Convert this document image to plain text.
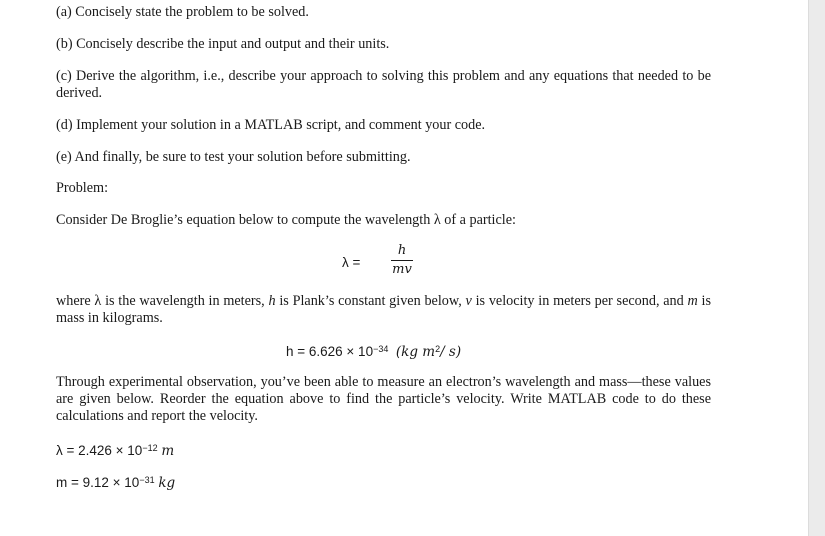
(a) Concisely state the problem to be solved.
(b) Concisely describe the input and output and their units.
(c) Derive the algorithm, i.e., describe your approach to solving this problem and any equations that needed to be derived.
(d) Implement your solution in a MATLAB script, and comment your code.
(e) And finally, be sure to test your solution before submitting.
Problem:
Consider De Broglie’s equation below to compute the wavelength λ of a particle:
λ =
h
mv
where λ is the wavelength in meters, h is Plank’s constant given below, v is velocity in meters per second, and m is mass in kilograms.
$h = 6.626 \times 10^{-34}$ (kg $m^2/$ s)
Through experimental observation, you’ve been able to measure an electron’s wavelength and mass—these values are given below. Reorder the equation above to find the particle’s velocity. Write MATLAB code to do these calculations and report the velocity.
$\lambda = 2.426 \times 10^{-12}$ m
$m = 9.12 \times 10^{-31}$ kg
